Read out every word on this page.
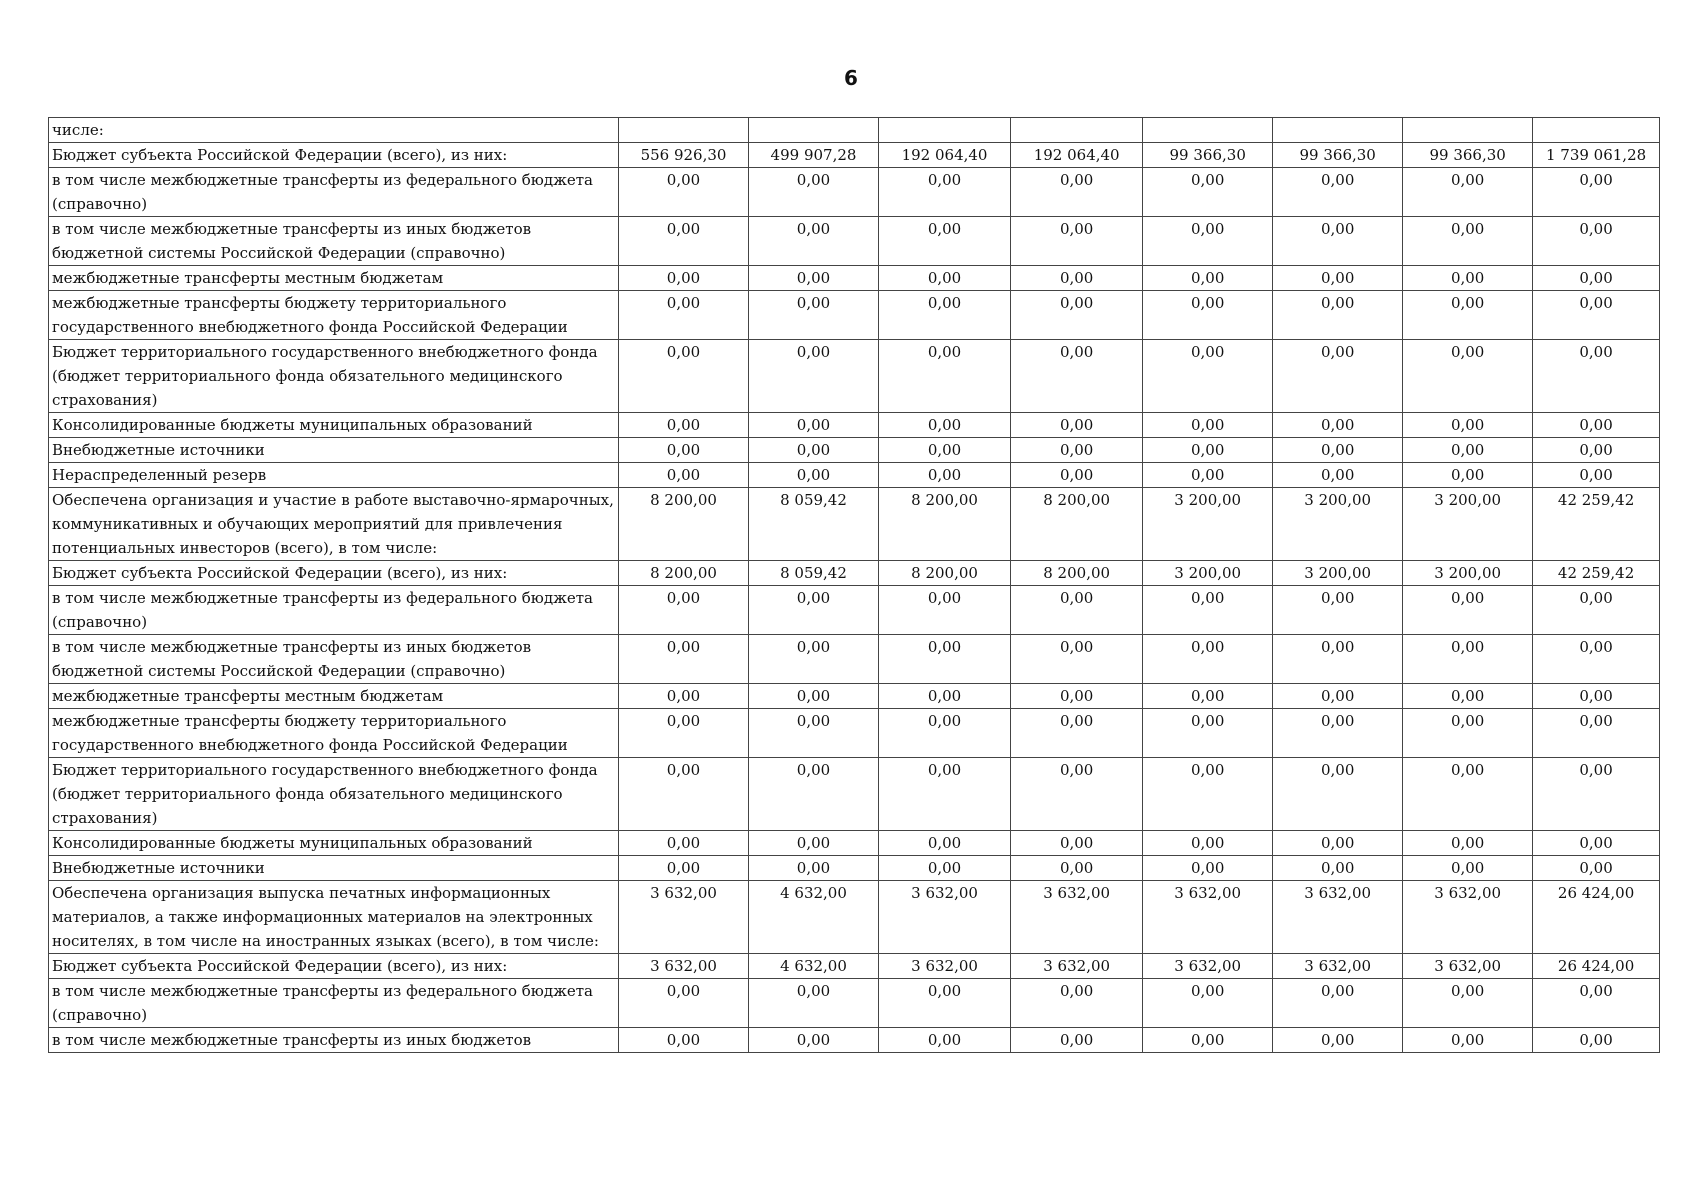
6
числе:								
Бюджет субъекта Российской Федерации (всего), из них:	556 926,30	499 907,28	192 064,40	192 064,40	99 366,30	99 366,30	99 366,30	1 739 061,28
в том числе межбюджетные трансферты из федерального бюджета (справочно)	0,00	0,00	0,00	0,00	0,00	0,00	0,00	0,00
в том числе межбюджетные трансферты из иных бюджетов бюджетной системы Российской Федерации (справочно)	0,00	0,00	0,00	0,00	0,00	0,00	0,00	0,00
межбюджетные трансферты местным бюджетам	0,00	0,00	0,00	0,00	0,00	0,00	0,00	0,00
межбюджетные трансферты бюджету территориального государственного внебюджетного фонда Российской Федерации	0,00	0,00	0,00	0,00	0,00	0,00	0,00	0,00
Бюджет территориального государственного внебюджетного фонда (бюджет территориального фонда обязательного медицинского страхования)	0,00	0,00	0,00	0,00	0,00	0,00	0,00	0,00
Консолидированные бюджеты муниципальных образований	0,00	0,00	0,00	0,00	0,00	0,00	0,00	0,00
Внебюджетные источники	0,00	0,00	0,00	0,00	0,00	0,00	0,00	0,00
Нераспределенный резерв	0,00	0,00	0,00	0,00	0,00	0,00	0,00	0,00
Обеспечена организация и участие в работе выставочно-ярмарочных, коммуникативных и обучающих мероприятий для привлечения потенциальных инвесторов (всего), в том числе:	8 200,00	8 059,42	8 200,00	8 200,00	3 200,00	3 200,00	3 200,00	42 259,42
Бюджет субъекта Российской Федерации (всего), из них:	8 200,00	8 059,42	8 200,00	8 200,00	3 200,00	3 200,00	3 200,00	42 259,42
в том числе межбюджетные трансферты из федерального бюджета (справочно)	0,00	0,00	0,00	0,00	0,00	0,00	0,00	0,00
в том числе межбюджетные трансферты из иных бюджетов бюджетной системы Российской Федерации (справочно)	0,00	0,00	0,00	0,00	0,00	0,00	0,00	0,00
межбюджетные трансферты местным бюджетам	0,00	0,00	0,00	0,00	0,00	0,00	0,00	0,00
межбюджетные трансферты бюджету территориального государственного внебюджетного фонда Российской Федерации	0,00	0,00	0,00	0,00	0,00	0,00	0,00	0,00
Бюджет территориального государственного внебюджетного фонда (бюджет территориального фонда обязательного медицинского страхования)	0,00	0,00	0,00	0,00	0,00	0,00	0,00	0,00
Консолидированные бюджеты муниципальных образований	0,00	0,00	0,00	0,00	0,00	0,00	0,00	0,00
Внебюджетные источники	0,00	0,00	0,00	0,00	0,00	0,00	0,00	0,00
Обеспечена организация выпуска печатных информационных материалов, а также информационных материалов на электронных носителях, в том числе на иностранных языках (всего), в том числе:	3 632,00	4 632,00	3 632,00	3 632,00	3 632,00	3 632,00	3 632,00	26 424,00
Бюджет субъекта Российской Федерации (всего), из них:	3 632,00	4 632,00	3 632,00	3 632,00	3 632,00	3 632,00	3 632,00	26 424,00
в том числе межбюджетные трансферты из федерального бюджета (справочно)	0,00	0,00	0,00	0,00	0,00	0,00	0,00	0,00
в том числе межбюджетные трансферты из иных бюджетов	0,00	0,00	0,00	0,00	0,00	0,00	0,00	0,00
